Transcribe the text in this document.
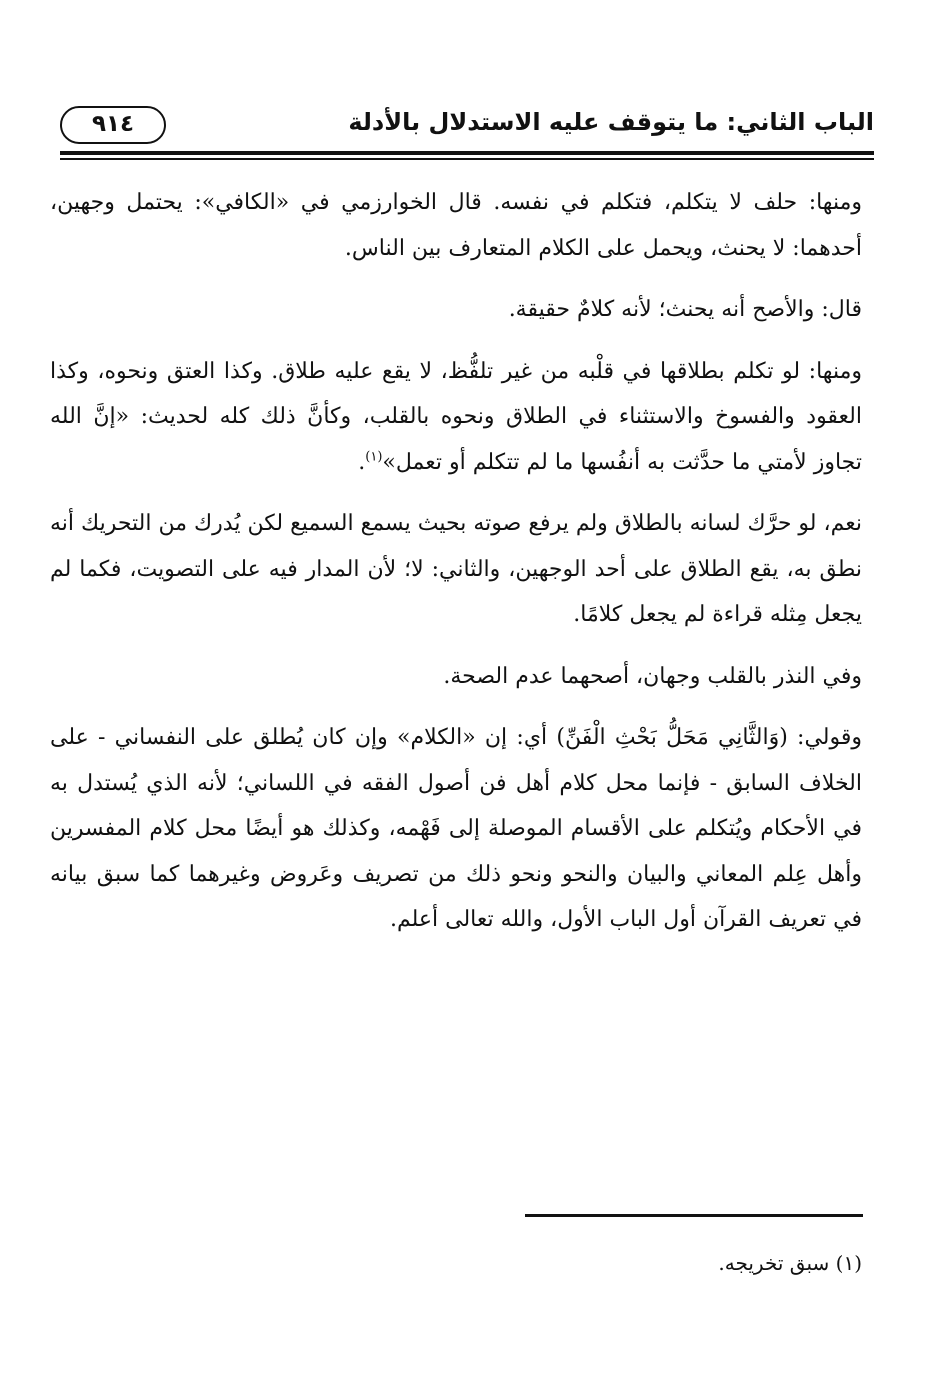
الباب الثاني: ما يتوقف عليه الاستدلال بالأدلة
٩١٤

ومنها: حلف لا يتكلم، فتكلم في نفسه. قال الخوارزمي في «الكافي»: يحتمل وجهين، أحدهما: لا يحنث، ويحمل على الكلام المتعارف بين الناس.

قال: والأصح أنه يحنث؛ لأنه كلامٌ حقيقة.

ومنها: لو تكلم بطلاقها في قلْبه من غير تلفُّظ، لا يقع عليه طلاق. وكذا العتق ونحوه، وكذا العقود والفسوخ والاستثناء في الطلاق ونحوه بالقلب، وكأنَّ ذلك كله لحديث: «إنَّ الله تجاوز لأمتي ما حدَّثت به أنفُسها ما لم تتكلم أو تعمل»$^{(١)}$.

نعم، لو حرَّك لسانه بالطلاق ولم يرفع صوته بحيث يسمع السميع لكن يُدرك من التحريك أنه نطق به، يقع الطلاق على أحد الوجهين، والثاني: لا؛ لأن المدار فيه على التصويت، فكما لم يجعل مِثله قراءة لم يجعل كلامًا.

وفي النذر بالقلب وجهان، أصحهما عدم الصحة.

وقولي: (وَالثَّانِي مَحَلُّ بَحْثِ الْفَنِّ) أي: إن «الكلام» وإن كان يُطلق على النفساني - على الخلاف السابق - فإنما محل كلام أهل فن أصول الفقه في اللساني؛ لأنه الذي يُستدل به في الأحكام ويُتكلم على الأقسام الموصلة إلى فَهْمه، وكذلك هو أيضًا محل كلام المفسرين وأهل عِلم المعاني والبيان والنحو ونحو ذلك من تصريف وعَروض وغيرهما كما سبق بيانه في تعريف القرآن أول الباب الأول، والله تعالى أعلم.

(١) سبق تخريجه.
